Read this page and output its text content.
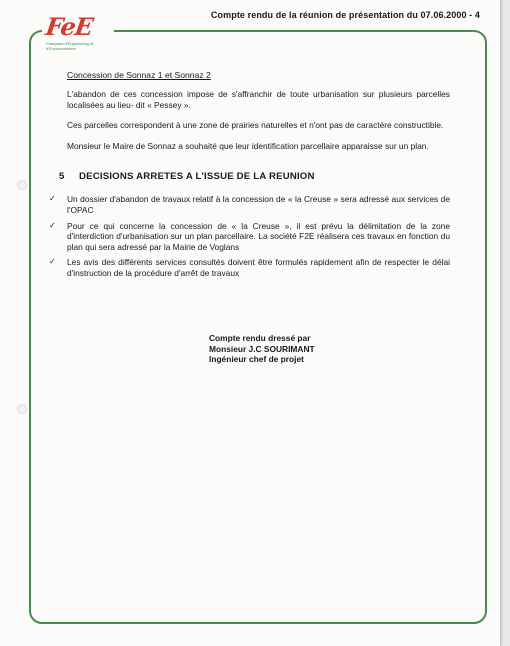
FeE
Française d'Engineering et d'Environnement
Compte rendu de la réunion de présentation du 07.06.2000 - 4
Concession de Sonnaz 1 et Sonnaz 2

L'abandon de ces concession impose de s'affranchir de toute urbanisation sur plusieurs parcelles localisées au lieu- dit « Pessey ».

Ces parcelles correspondent à une zone de prairies naturelles et n'ont pas de caractère constructible.

Monsieur le Maire de Sonnaz a souhaité que leur identification parcellaire apparaisse sur un plan.

5 DECISIONS ARRETES A L'ISSUE DE LA REUNION
✓ Un dossier d'abandon de travaux relatif à la concession de « la Creuse » sera adressé aux services de l'OPAC
✓ Pour ce qui concerne la concession de « la Creuse », il est prévu la délimitation de la zone d'interdiction d'urbanisation sur un plan parcellaire. La société F2E réalisera ces travaux en fonction du plan qui sera adressé par la Mairie de Voglans
✓ Les avis des différents services consultés doivent être formulés rapidement afin de respecter le délai d'instruction de la procédure d'arrêt de travaux
Compte rendu dressé par
Monsieur J.C SOURIMANT
Ingénieur chef de projet
